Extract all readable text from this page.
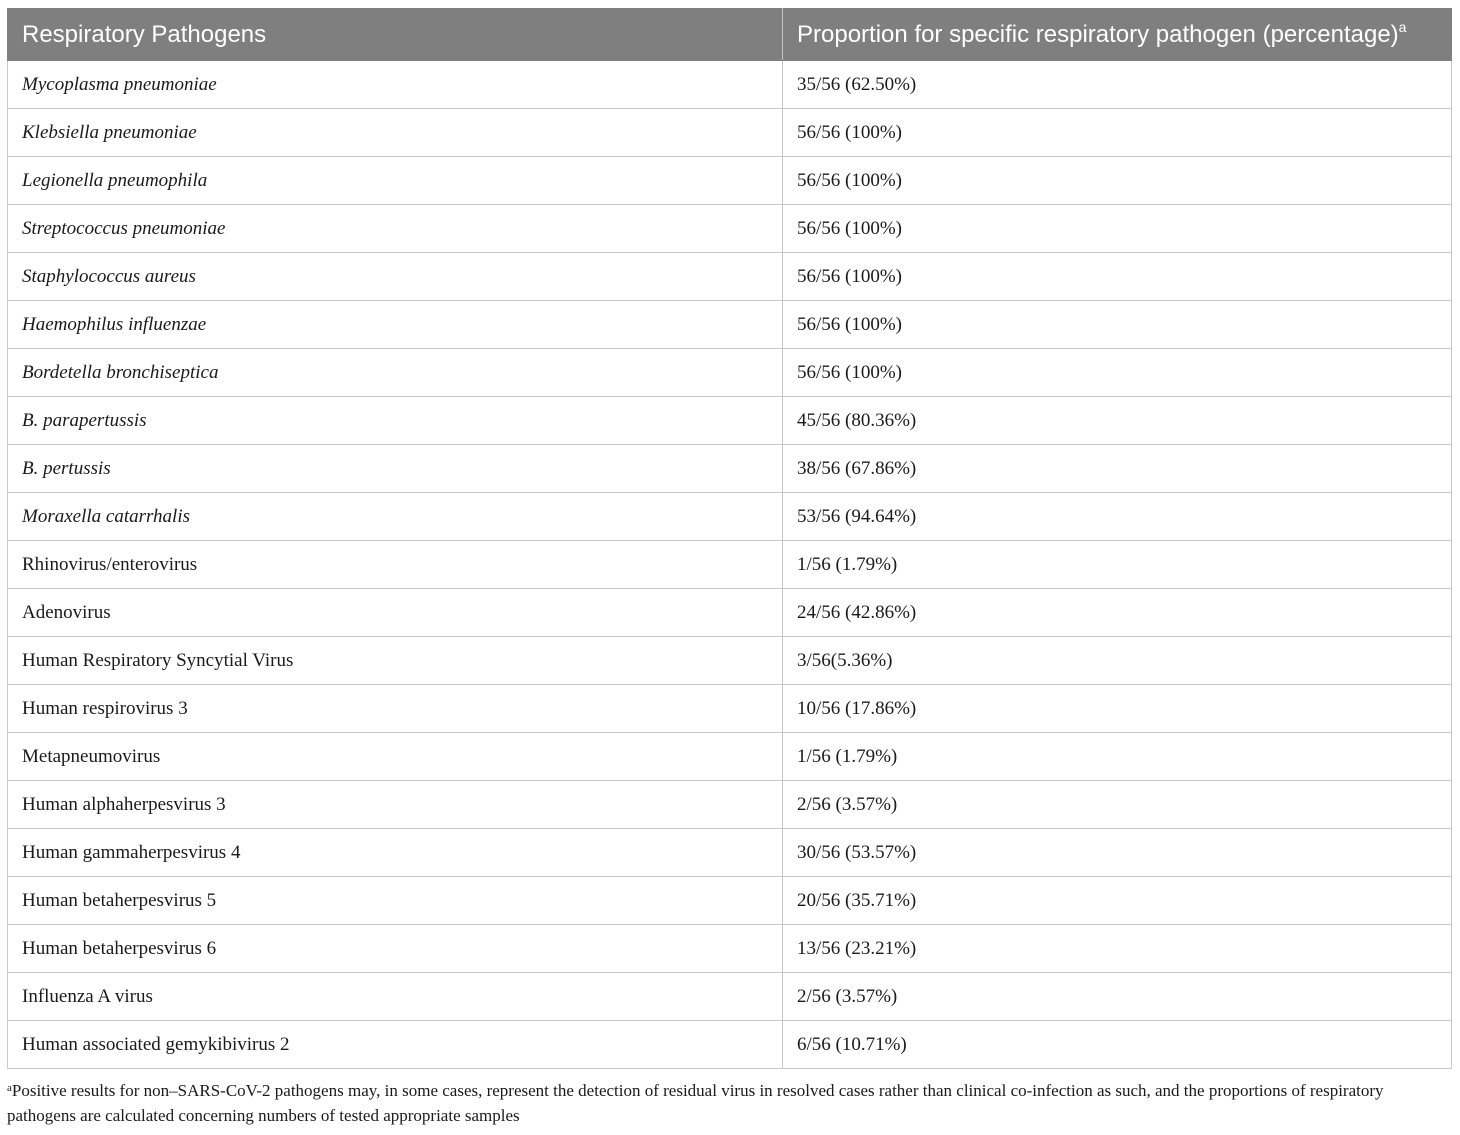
Respiratory Pathogens	Proportion for specific respiratory pathogen (percentage)$^a$
Mycoplasma pneumoniae	35/56 (62.50%)
Klebsiella pneumoniae	56/56 (100%)
Legionella pneumophila	56/56 (100%)
Streptococcus pneumoniae	56/56 (100%)
Staphylococcus aureus	56/56 (100%)
Haemophilus influenzae	56/56 (100%)
Bordetella bronchiseptica	56/56 (100%)
B. parapertussis	45/56 (80.36%)
B. pertussis	38/56 (67.86%)
Moraxella catarrhalis	53/56 (94.64%)
Rhinovirus/enterovirus	1/56 (1.79%)
Adenovirus	24/56 (42.86%)
Human Respiratory Syncytial Virus	3/56(5.36%)
Human respirovirus 3	10/56 (17.86%)
Metapneumovirus	1/56 (1.79%)
Human alphaherpesvirus 3	2/56 (3.57%)
Human gammaherpesvirus 4	30/56 (53.57%)
Human betaherpesvirus 5	20/56 (35.71%)
Human betaherpesvirus 6	13/56 (23.21%)
Influenza A virus	2/56 (3.57%)
Human associated gemykibivirus 2	6/56 (10.71%)
$^a$Positive results for non–SARS-CoV-2 pathogens may, in some cases, represent the detection of residual virus in resolved cases rather than clinical co-infection as such, and the proportions of respiratory pathogens are calculated concerning numbers of tested appropriate samples
